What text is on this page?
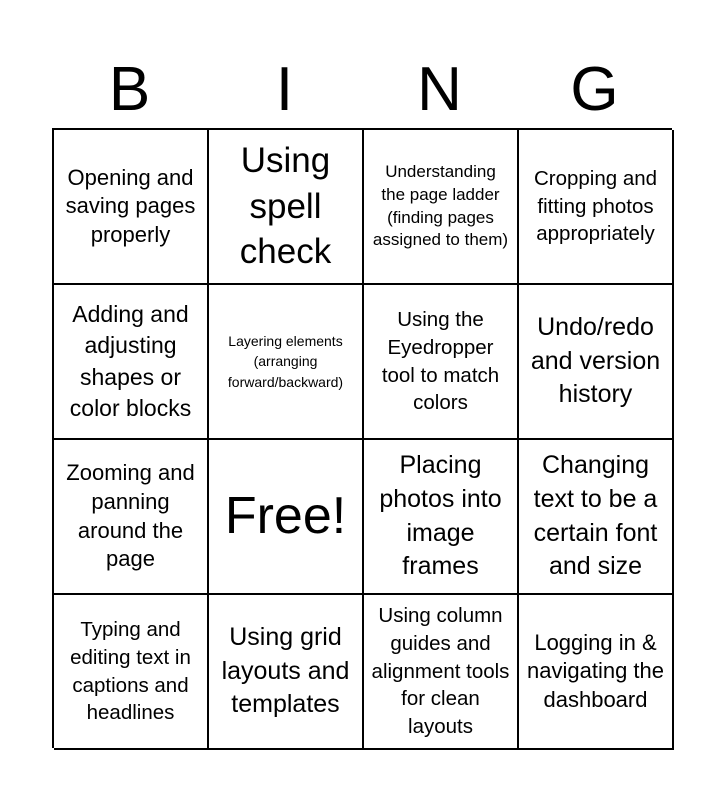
B	I	N	G
Opening and saving pages properly
Using spell check
Understanding the page ladder (finding pages assigned to them)
Cropping and fitting photos appropriately
Adding and adjusting shapes or color blocks
Layering elements (arranging forward/backward)
Using the Eyedropper tool to match colors
Undo/redo and version history
Zooming and panning around the page
Free!
Placing photos into image frames
Changing text to be a certain font and size
Typing and editing text in captions and headlines
Using grid layouts and templates
Using column guides and alignment tools for clean layouts
Logging in & navigating the dashboard
